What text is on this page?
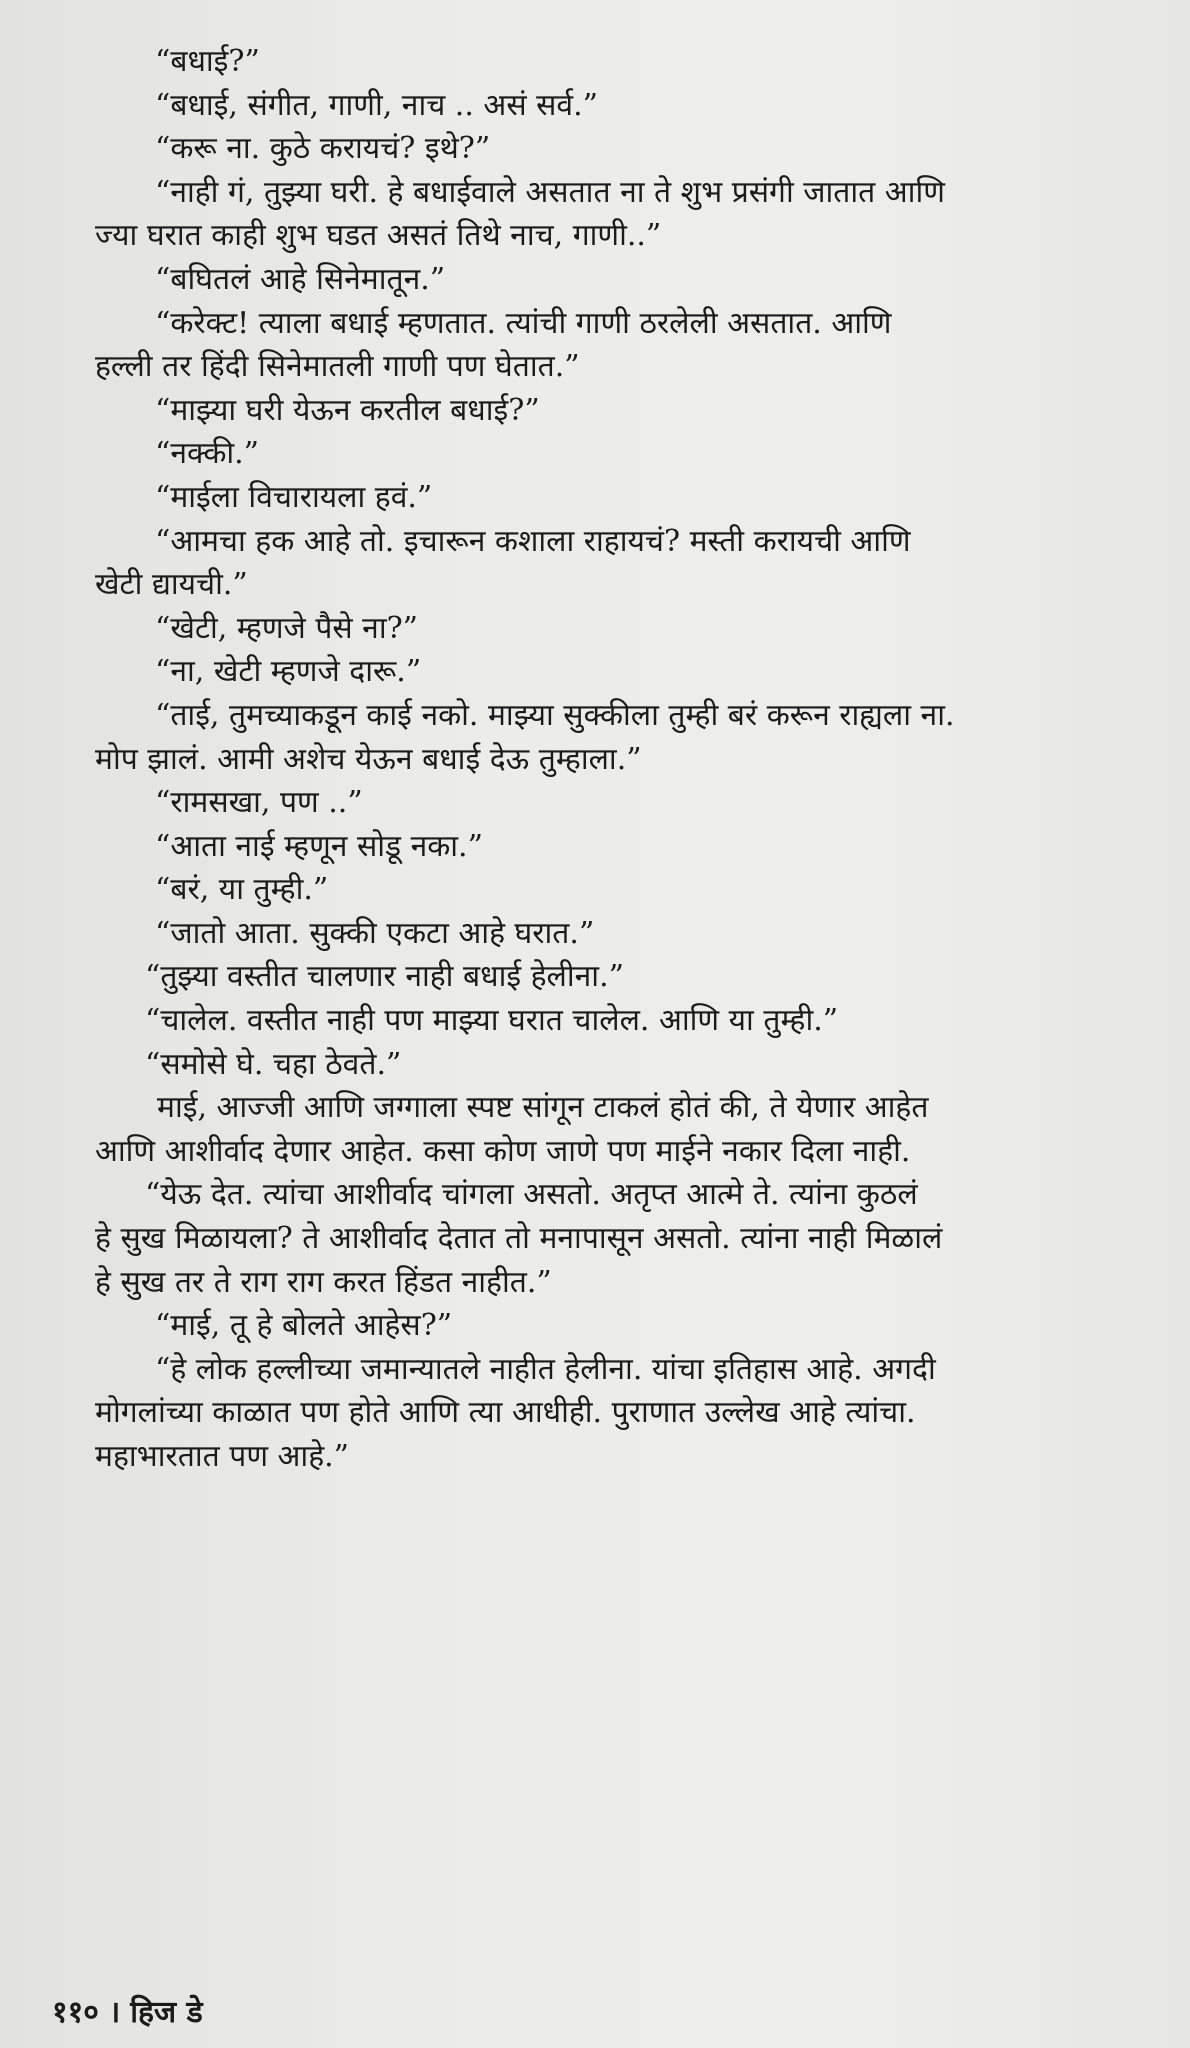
“बधाई?”
“बधाई, संगीत, गाणी, नाच .. असं सर्व.”
“करू ना. कुठे करायचं? इथे?”
“नाही गं, तुझ्या घरी. हे बधाईवाले असतात ना ते शुभ प्रसंगी जातात आणि
ज्या घरात काही शुभ घडत असतं तिथे नाच, गाणी..”
“बघितलं आहे सिनेमातून.”
“करेक्ट! त्याला बधाई म्हणतात. त्यांची गाणी ठरलेली असतात. आणि
हल्ली तर हिंदी सिनेमातली गाणी पण घेतात.”
“माझ्या घरी येऊन करतील बधाई?”
“नक्की.”
“माईला विचारायला हवं.”
“आमचा हक आहे तो. इचारून कशाला राहायचं? मस्ती करायची आणि
खेटी द्यायची.”
“खेटी, म्हणजे पैसे ना?”
“ना, खेटी म्हणजे दारू.”
“ताई, तुमच्याकडून काई नको. माझ्या सुक्कीला तुम्ही बरं करून राह्यला ना.
मोप झालं. आमी अशेच येऊन बधाई देऊ तुम्हाला.”
“रामसखा, पण ..”
“आता नाई म्हणून सोडू नका.”
“बरं, या तुम्ही.”
“जातो आता. सुक्की एकटा आहे घरात.”
“तुझ्या वस्तीत चालणार नाही बधाई हेलीना.”
“चालेल. वस्तीत नाही पण माझ्या घरात चालेल. आणि या तुम्ही.”
“समोसे घे. चहा ठेवते.”
माई, आज्जी आणि जग्गाला स्पष्ट सांगून टाकलं होतं की, ते येणार आहेत
आणि आशीर्वाद देणार आहेत. कसा कोण जाणे पण माईने नकार दिला नाही.
“येऊ देत. त्यांचा आशीर्वाद चांगला असतो. अतृप्त आत्मे ते. त्यांना कुठलं
हे सुख मिळायला? ते आशीर्वाद देतात तो मनापासून असतो. त्यांना नाही मिळालं
हे सुख तर ते राग राग करत हिंडत नाहीत.”
“माई, तू हे बोलते आहेस?”
“हे लोक हल्लीच्या जमान्यातले नाहीत हेलीना. यांचा इतिहास आहे. अगदी
मोगलांच्या काळात पण होते आणि त्या आधीही. पुराणात उल्लेख आहे त्यांचा.
महाभारतात पण आहे.”
११० । हिज डे
